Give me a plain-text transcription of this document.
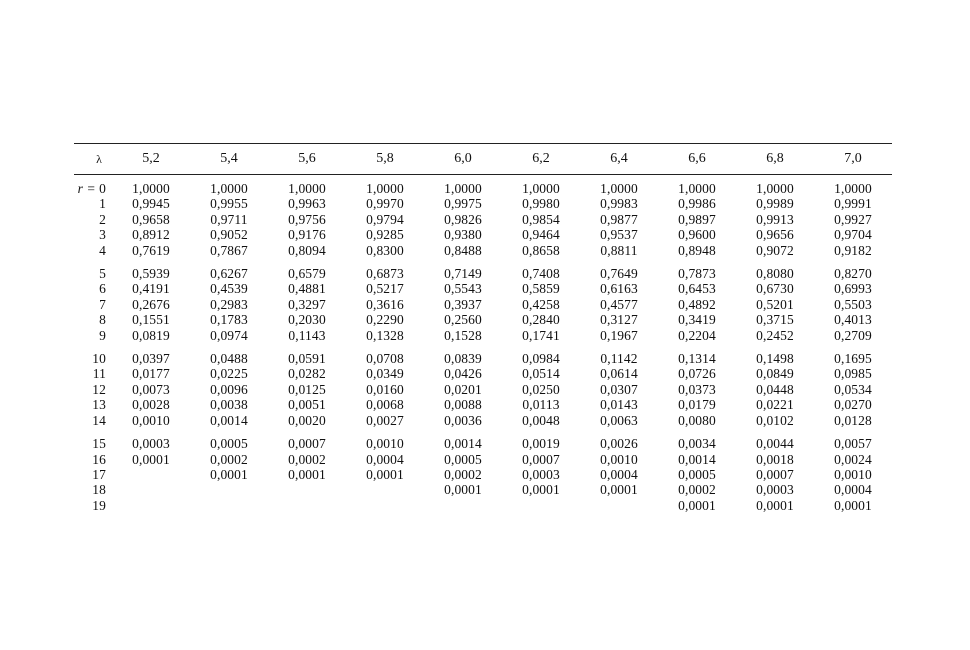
λ	5,2	5,4	5,6	5,8	6,0	6,2	6,4	6,6	6,8	7,0

r = 0	1,0000	1,0000	1,0000	1,0000	1,0000	1,0000	1,0000	1,0000	1,0000	1,0000
1	0,9945	0,9955	0,9963	0,9970	0,9975	0,9980	0,9983	0,9986	0,9989	0,9991
2	0,9658	0,9711	0,9756	0,9794	0,9826	0,9854	0,9877	0,9897	0,9913	0,9927
3	0,8912	0,9052	0,9176	0,9285	0,9380	0,9464	0,9537	0,9600	0,9656	0,9704
4	0,7619	0,7867	0,8094	0,8300	0,8488	0,8658	0,8811	0,8948	0,9072	0,9182

5	0,5939	0,6267	0,6579	0,6873	0,7149	0,7408	0,7649	0,7873	0,8080	0,8270
6	0,4191	0,4539	0,4881	0,5217	0,5543	0,5859	0,6163	0,6453	0,6730	0,6993
7	0,2676	0,2983	0,3297	0,3616	0,3937	0,4258	0,4577	0,4892	0,5201	0,5503
8	0,1551	0,1783	0,2030	0,2290	0,2560	0,2840	0,3127	0,3419	0,3715	0,4013
9	0,0819	0,0974	0,1143	0,1328	0,1528	0,1741	0,1967	0,2204	0,2452	0,2709

10	0,0397	0,0488	0,0591	0,0708	0,0839	0,0984	0,1142	0,1314	0,1498	0,1695
11	0,0177	0,0225	0,0282	0,0349	0,0426	0,0514	0,0614	0,0726	0,0849	0,0985
12	0,0073	0,0096	0,0125	0,0160	0,0201	0,0250	0,0307	0,0373	0,0448	0,0534
13	0,0028	0,0038	0,0051	0,0068	0,0088	0,0113	0,0143	0,0179	0,0221	0,0270
14	0,0010	0,0014	0,0020	0,0027	0,0036	0,0048	0,0063	0,0080	0,0102	0,0128

15	0,0003	0,0005	0,0007	0,0010	0,0014	0,0019	0,0026	0,0034	0,0044	0,0057
16	0,0001	0,0002	0,0002	0,0004	0,0005	0,0007	0,0010	0,0014	0,0018	0,0024
17		0,0001	0,0001	0,0001	0,0002	0,0003	0,0004	0,0005	0,0007	0,0010
18					0,0001	0,0001	0,0001	0,0002	0,0003	0,0004
19								0,0001	0,0001	0,0001
